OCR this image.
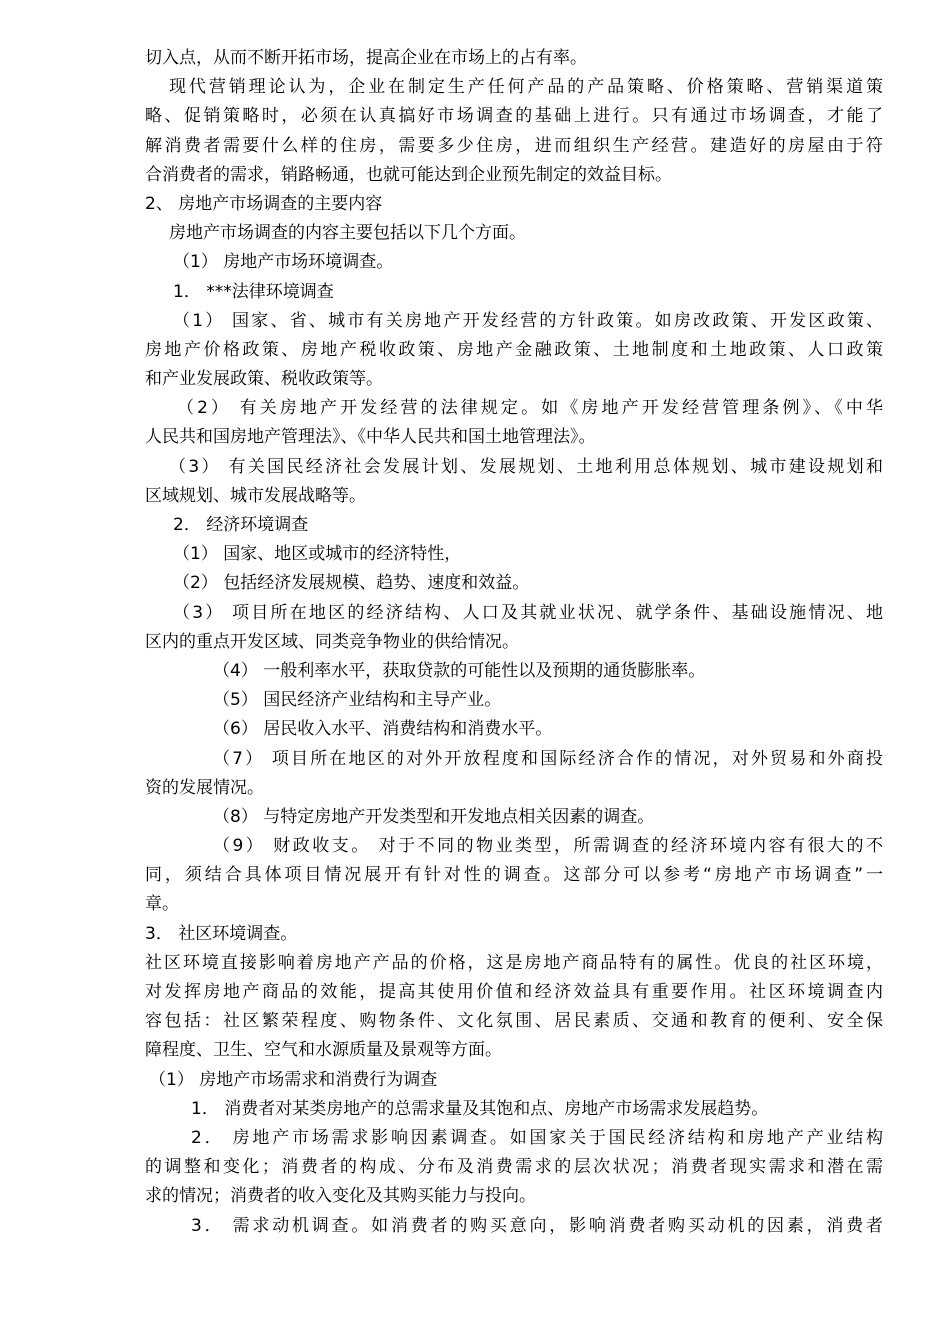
切入点，从而不断开拓市场，提高企业在市场上的占有率。
现代营销理论认为，企业在制定生产任何产品的产品策略、价格策略、营销渠道策
略、促销策略时，必须在认真搞好市场调查的基础上进行。只有通过市场调查，才能了
解消费者需要什么样的住房，需要多少住房，进而组织生产经营。建造好的房屋由于符
合消费者的需求，销路畅通，也就可能达到企业预先制定的效益目标。
2、 房地产市场调查的主要内容
房地产市场调查的内容主要包括以下几个方面。
（1） 房地产市场环境调查。
1． ***法律环境调查
（1） 国家、省、城市有关房地产开发经营的方针政策。如房改政策、开发区政策、
房地产价格政策、房地产税收政策、房地产金融政策、土地制度和土地政策、人口政策
和产业发展政策、税收政策等。
（2） 有关房地产开发经营的法律规定。如《房地产开发经营管理条例》、《中华
人民共和国房地产管理法》、《中华人民共和国土地管理法》。
（3） 有关国民经济社会发展计划、发展规划、土地利用总体规划、城市建设规划和
区域规划、城市发展战略等。
2． 经济环境调查
（1） 国家、地区或城市的经济特性，
（2） 包括经济发展规模、趋势、速度和效益。
（3） 项目所在地区的经济结构、人口及其就业状况、就学条件、基础设施情况、地
区内的重点开发区域、同类竞争物业的供给情况。
（4） 一般利率水平，获取贷款的可能性以及预期的通货膨胀率。
（5） 国民经济产业结构和主导产业。
（6） 居民收入水平、消费结构和消费水平。
（7） 项目所在地区的对外开放程度和国际经济合作的情况，对外贸易和外商投
资的发展情况。
（8） 与特定房地产开发类型和开发地点相关因素的调查。
（9） 财政收支。 对于不同的物业类型，所需调查的经济环境内容有很大的不
同，须结合具体项目情况展开有针对性的调查。这部分可以参考“房地产市场调查”一
章。
3． 社区环境调查。
社区环境直接影响着房地产产品的价格，这是房地产商品特有的属性。优良的社区环境，
对发挥房地产商品的效能，提高其使用价值和经济效益具有重要作用。社区环境调查内
容包括：社区繁荣程度、购物条件、文化氛围、居民素质、交通和教育的便利、安全保
障程度、卫生、空气和水源质量及景观等方面。
（1） 房地产市场需求和消费行为调查
1． 消费者对某类房地产的总需求量及其饱和点、房地产市场需求发展趋势。
2． 房地产市场需求影响因素调查。如国家关于国民经济结构和房地产产业结构
的调整和变化；消费者的构成、分布及消费需求的层次状况；消费者现实需求和潜在需
求的情况；消费者的收入变化及其购买能力与投向。
3． 需求动机调查。如消费者的购买意向，影响消费者购买动机的因素，消费者
